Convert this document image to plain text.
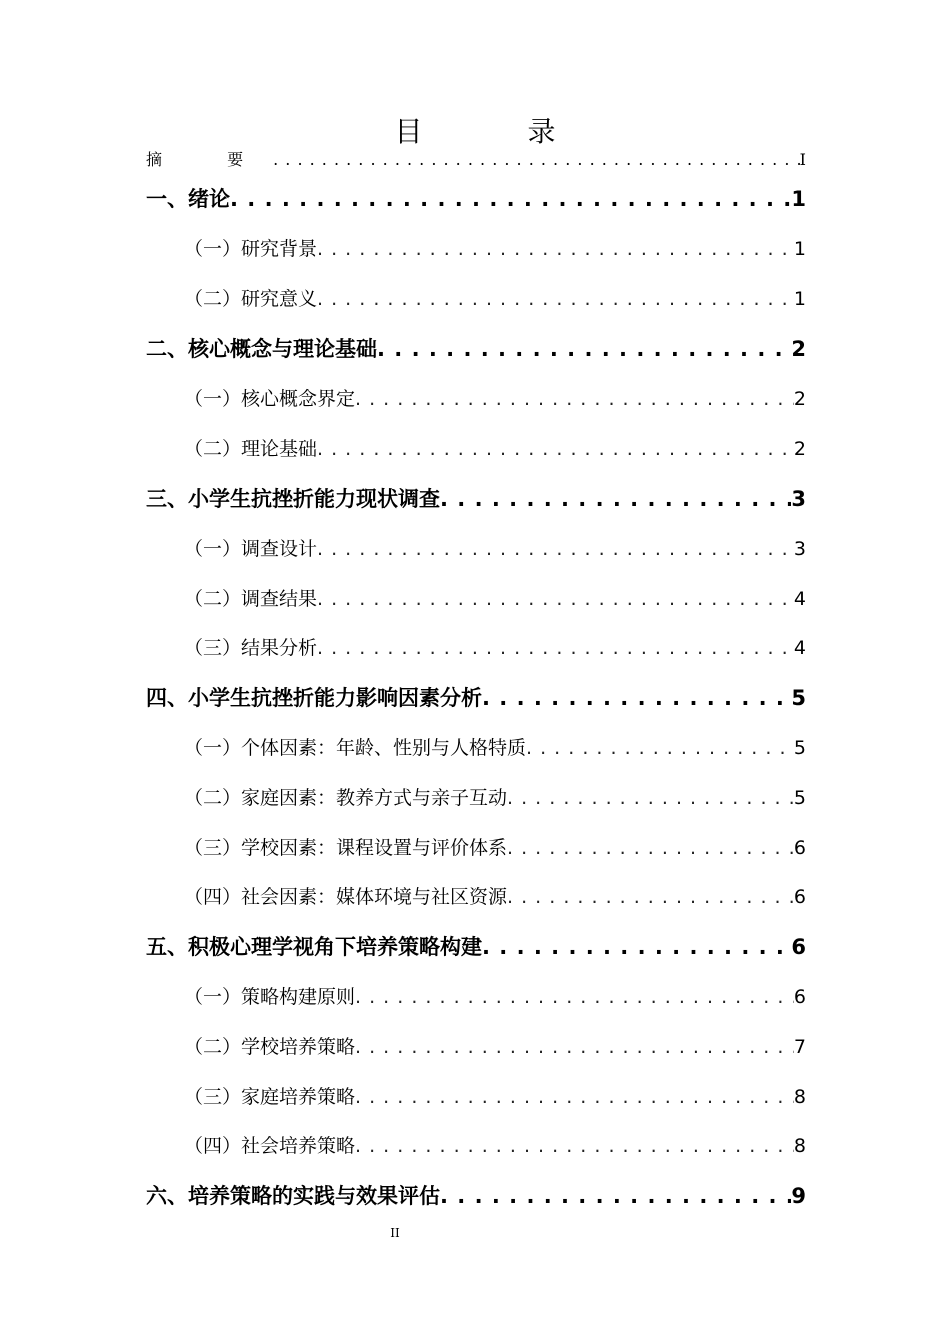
目 录
摘 要 . . .	I
一、绪论 . . .	1
（一）研究背景 . . .	1
（二）研究意义 . . .	1
二、核心概念与理论基础 . . .	2
（一）核心概念界定 . . .	2
（二）理论基础 . . .	2
三、小学生抗挫折能力现状调查 . . .	3
（一）调查设计 . . .	3
（二）调查结果 . . .	4
（三）结果分析 . . .	4
四、小学生抗挫折能力影响因素分析 . . .	5
（一）个体因素：年龄、性别与人格特质 . . .	5
（二）家庭因素：教养方式与亲子互动 . . .	5
（三）学校因素：课程设置与评价体系 . . .	6
（四）社会因素：媒体环境与社区资源 . . .	6
五、积极心理学视角下培养策略构建 . . .	6
（一）策略构建原则 . . .	6
（二）学校培养策略 . . .	7
（三）家庭培养策略 . . .	8
（四）社会培养策略 . . .	8
六、培养策略的实践与效果评估 . . .	9
II
